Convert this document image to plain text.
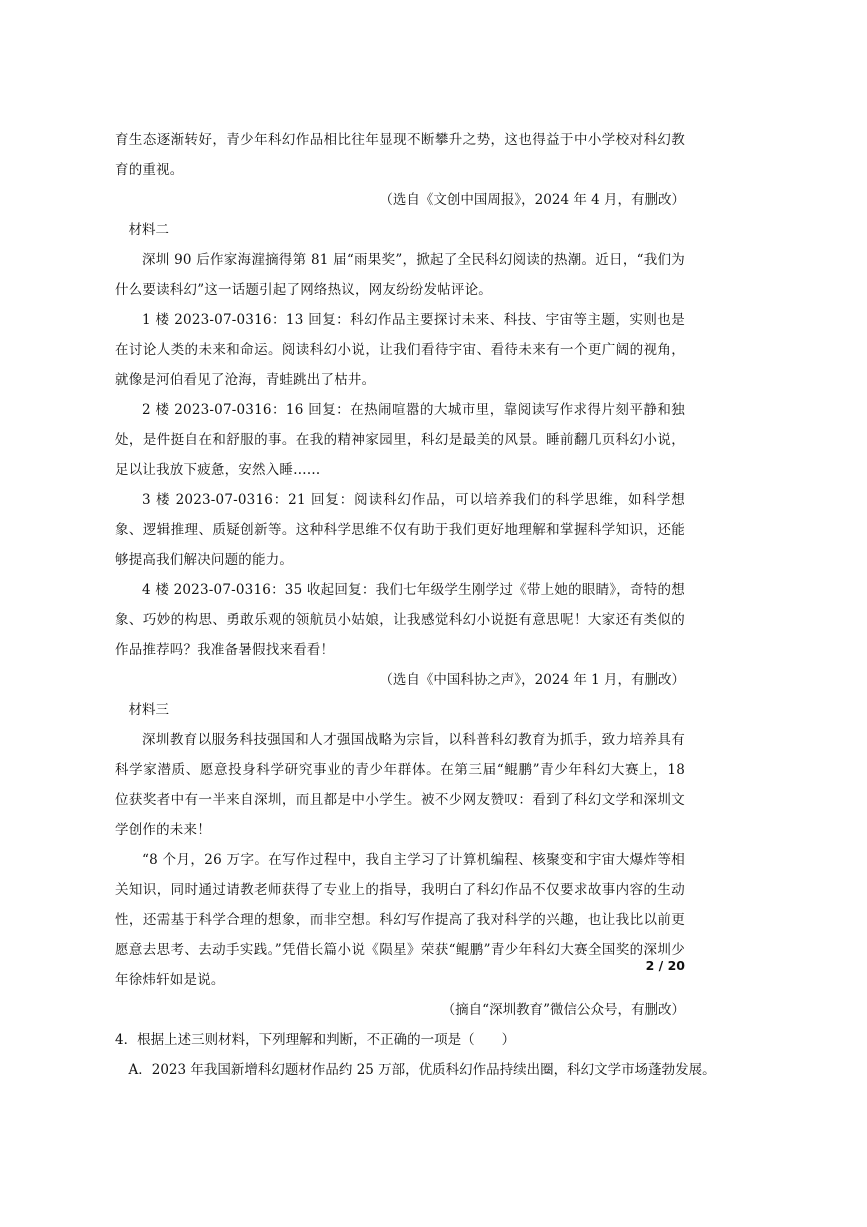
育生态逐渐转好，青少年科幻作品相比往年显现不断攀升之势，这也得益于中小学校对科幻教育的重视。

（选自《文创中国周报》，2024 年 4 月，有删改）

材料二

深圳 90 后作家海漄摘得第 81 届“雨果奖”，掀起了全民科幻阅读的热潮。近日，“我们为什么要读科幻”这一话题引起了网络热议，网友纷纷发帖评论。

1 楼 2023-07-0316：13 回复：科幻作品主要探讨未来、科技、宇宙等主题，实则也是在讨论人类的未来和命运。阅读科幻小说，让我们看待宇宙、看待未来有一个更广阔的视角，就像是河伯看见了沧海，青蛙跳出了枯井。

2 楼 2023-07-0316：16 回复：在热闹喧嚣的大城市里，靠阅读写作求得片刻平静和独处，是件挺自在和舒服的事。在我的精神家园里，科幻是最美的风景。睡前翻几页科幻小说，足以让我放下疲惫，安然入睡……

3 楼 2023-07-0316：21 回复：阅读科幻作品，可以培养我们的科学思维，如科学想象、逻辑推理、质疑创新等。这种科学思维不仅有助于我们更好地理解和掌握科学知识，还能够提高我们解决问题的能力。

4 楼 2023-07-0316：35 收起回复：我们七年级学生刚学过《带上她的眼睛》，奇特的想象、巧妙的构思、勇敢乐观的领航员小姑娘，让我感觉科幻小说挺有意思呢！大家还有类似的作品推荐吗？我准备暑假找来看看！

（选自《中国科协之声》，2024 年 1 月，有删改）

材料三

深圳教育以服务科技强国和人才强国战略为宗旨，以科普科幻教育为抓手，致力培养具有科学家潜质、愿意投身科学研究事业的青少年群体。在第三届“鲲鹏”青少年科幻大赛上，18 位获奖者中有一半来自深圳，而且都是中小学生。被不少网友赞叹：看到了科幻文学和深圳文学创作的未来！

“8 个月，26 万字。在写作过程中，我自主学习了计算机编程、核聚变和宇宙大爆炸等相关知识，同时通过请教老师获得了专业上的指导，我明白了科幻作品不仅要求故事内容的生动性，还需基于科学合理的想象，而非空想。科幻写作提高了我对科学的兴趣，也让我比以前更愿意去思考、去动手实践。”凭借长篇小说《陨星》荣获“鲲鹏”青少年科幻大赛全国奖的深圳少年徐炜轩如是说。

（摘自“深圳教育”微信公众号，有删改）

4．根据上述三则材料，下列理解和判断，不正确的一项是（　　）

A．2023 年我国新增科幻题材作品约 25 万部，优质科幻作品持续出圈，科幻文学市场蓬勃发展。

2 / 20
